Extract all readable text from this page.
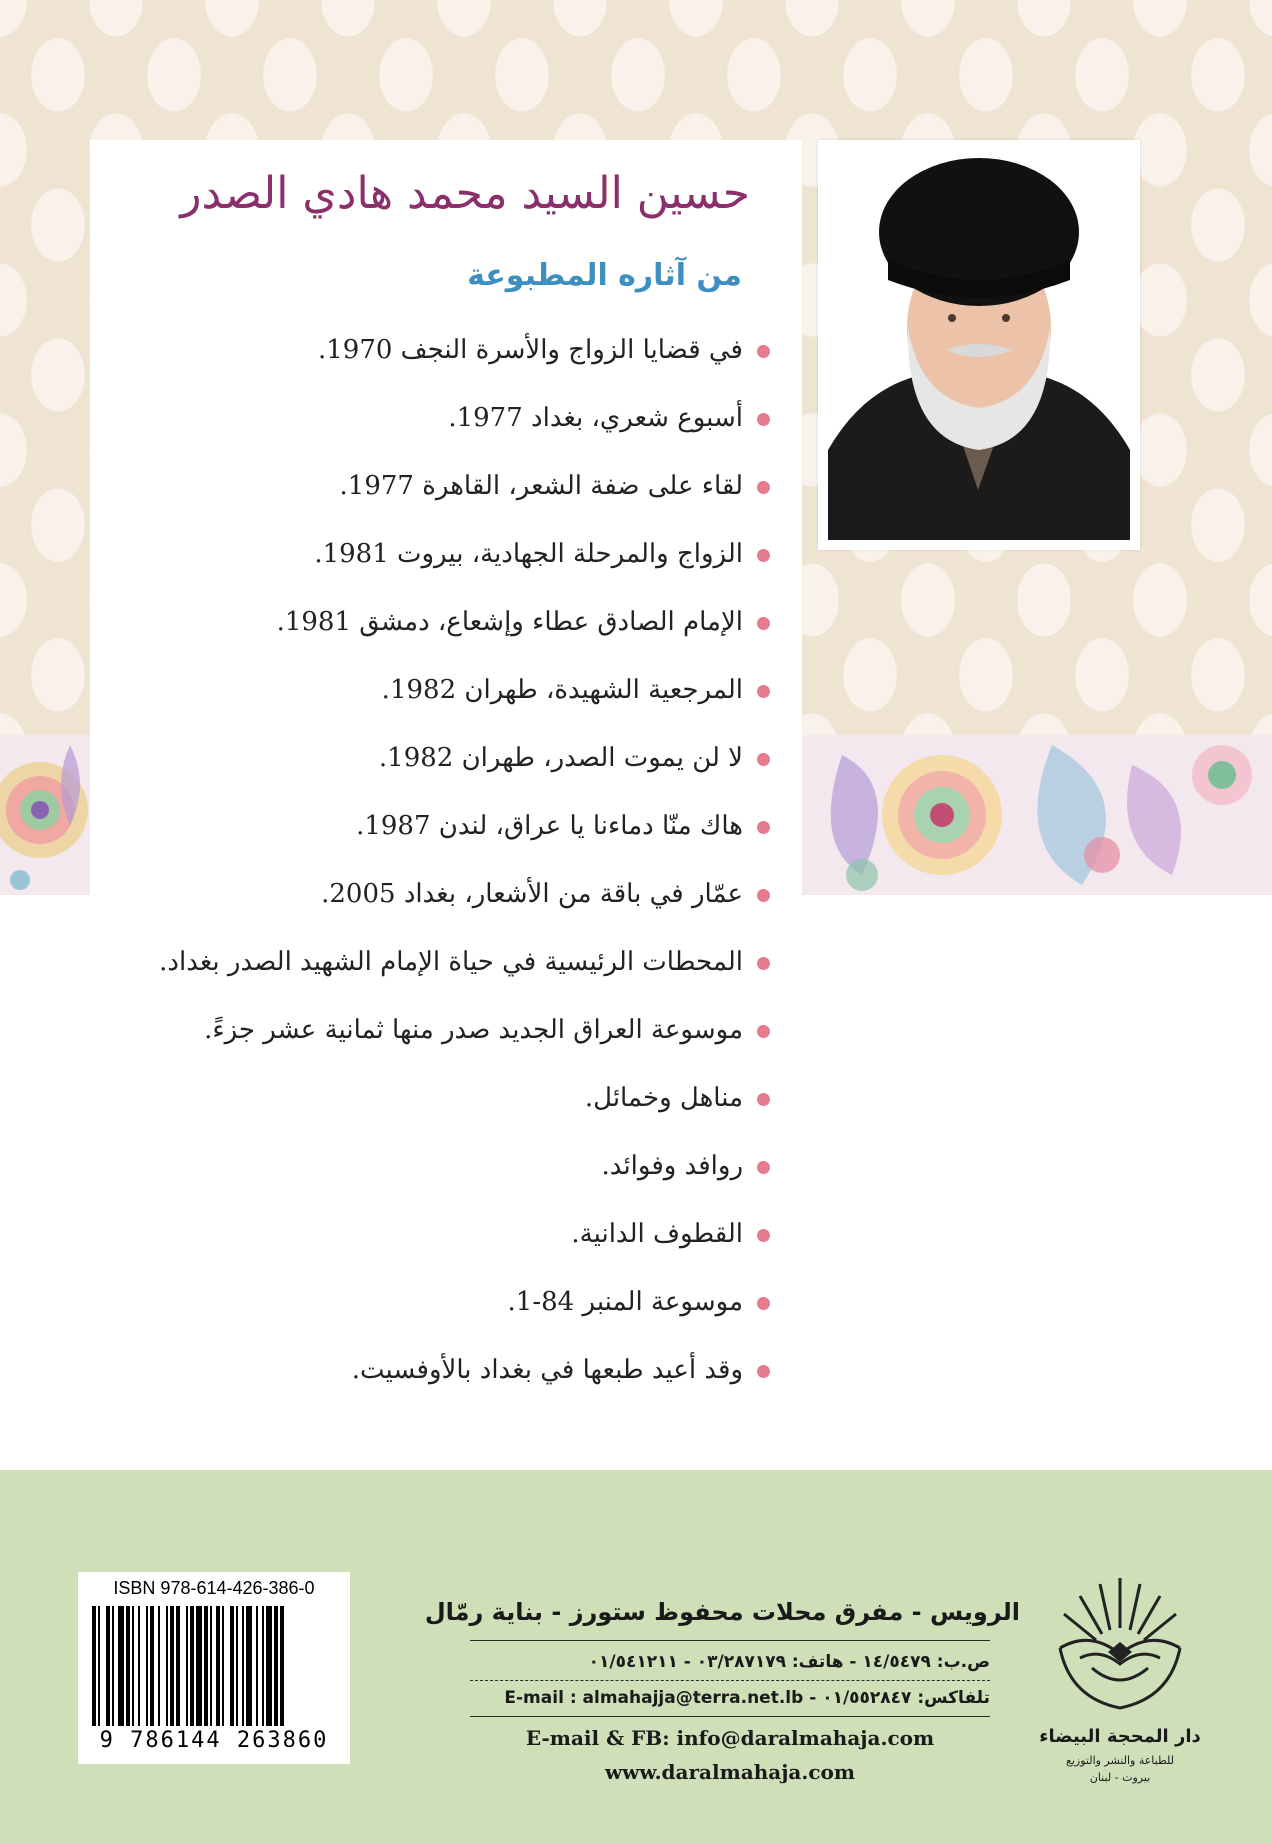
حسين السيد محمد هادي الصدر
من آثاره المطبوعة
في قضايا الزواج والأسرة النجف 1970.
أسبوع شعري، بغداد 1977.
لقاء على ضفة الشعر، القاهرة 1977.
الزواج والمرحلة الجهادية، بيروت 1981.
الإمام الصادق عطاء وإشعاع، دمشق 1981.
المرجعية الشهيدة، طهران 1982.
لا لن يموت الصدر، طهران 1982.
هاك منّا دماءنا يا عراق، لندن 1987.
عمّار في باقة من الأشعار، بغداد 2005.
المحطات الرئيسية في حياة الإمام الشهيد الصدر بغداد.
موسوعة العراق الجديد صدر منها ثمانية عشر جزءً.
مناهل وخمائل.
روافد وفوائد.
القطوف الدانية.
موسوعة المنبر 84-1.
وقد أعيد طبعها في بغداد بالأوفسيت.
ISBN 978-614-426-386-0
9 786144 263860
الرويس - مفرق محلات محفوظ ستورز - بناية رمّال
ص.ب: ١٤/٥٤٧٩ - هاتف: ٠٣/٢٨٧١٧٩ - ٠١/٥٤١٢١١
تلفاكس: ٠١/٥٥٢٨٤٧ - E-mail : almahajja@terra.net.lb
E-mail & FB: info@daralmahaja.com
www.daralmahaja.com
دار المحجة البيضاء
للطباعة والنشر والتوزيع
بيروت - لبنان
